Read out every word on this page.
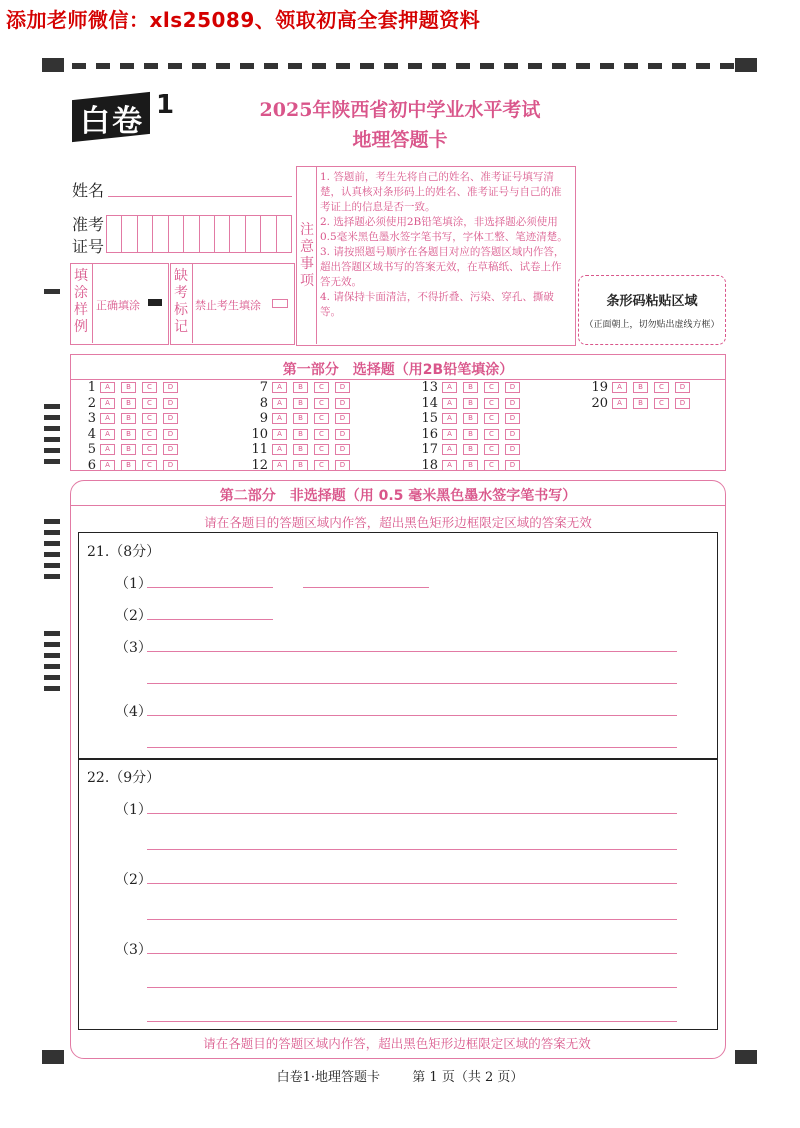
添加老师微信：xls25089、领取初高全套押题资料
白卷 1	2025年陕西省初中学业水平考试
地理答题卡
姓名
准考
证号
填涂样例
正确填涂
缺考标记
禁止考生填涂
注意事项
1. 答题前，考生先将自己的姓名、准考证号填写清楚，认真核对条形码上的姓名、准考证号与自己的准考证上的信息是否一致。
2. 选择题必须使用2B铅笔填涂，非选择题必须使用0.5毫米黑色墨水签字笔书写，字体工整、笔迹清楚。
3. 请按照题号顺序在各题目对应的答题区域内作答，超出答题区域书写的答案无效，在草稿纸、试卷上作答无效。
4. 请保持卡面清洁，不得折叠、污染、穿孔、撕破等。
条形码粘贴区域
（正面朝上，切勿贴出虚线方框）
第一部分　选择题（用2B铅笔填涂）
1	A	B	C	D
2	A	B	C	D
3	A	B	C	D
4	A	B	C	D
5	A	B	C	D
6	A	B	C	D
7	A	B	C	D
8	A	B	C	D
9	A	B	C	D
10	A	B	C	D
11	A	B	C	D
12	A	B	C	D
13	A	B	C	D
14	A	B	C	D
15	A	B	C	D
16	A	B	C	D
17	A	B	C	D
18	A	B	C	D
19	A	B	C	D
20	A	B	C	D
第二部分　非选择题（用 0.5 毫米黑色墨水签字笔书写）
请在各题目的答题区域内作答，超出黑色矩形边框限定区域的答案无效
21.（8分）
（1）
（2）
（3）
（4）
22.（9分）
（1）
（2）
（3）
请在各题目的答题区域内作答，超出黑色矩形边框限定区域的答案无效
白卷1·地理答题卡 第 1 页（共 2 页）
